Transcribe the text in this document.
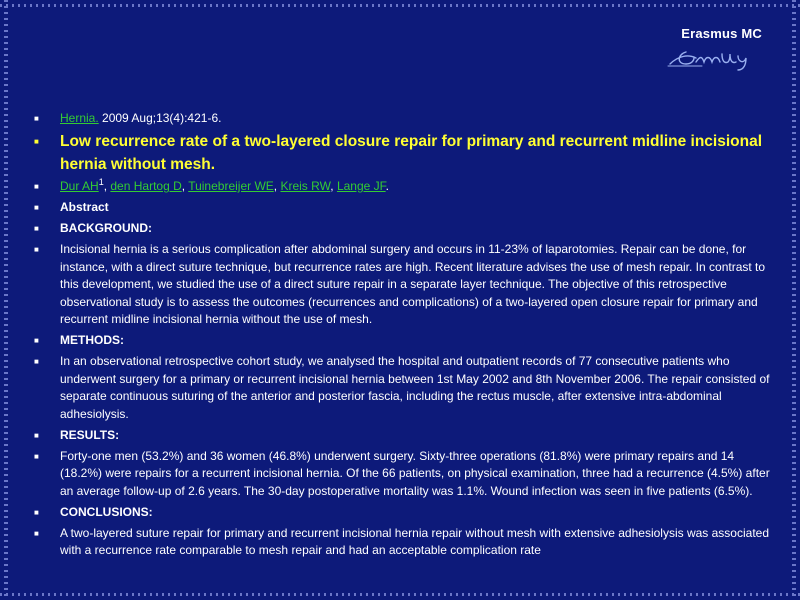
Erasmus MC
■ Hernia. 2009 Aug;13(4):421-6.
■ Low recurrence rate of a two-layered closure repair for primary and recurrent midline incisional hernia without mesh.
■ Dur $AH^1$, den Hartog D, Tuinebreijer WE, Kreis RW, Lange JF.
■ Abstract
■ BACKGROUND:
■ Incisional hernia is a serious complication after abdominal surgery and occurs in 11-23% of laparotomies. Repair can be done, for instance, with a direct suture technique, but recurrence rates are high. Recent literature advises the use of mesh repair. In contrast to this development, we studied the use of a direct suture repair in a separate layer technique. The objective of this retrospective observational study is to assess the outcomes (recurrences and complications) of a two-layered open closure repair for primary and recurrent midline incisional hernia without the use of mesh.
■ METHODS:
■ In an observational retrospective cohort study, we analysed the hospital and outpatient records of 77 consecutive patients who underwent surgery for a primary or recurrent incisional hernia between 1st May 2002 and 8th November 2006. The repair consisted of separate continuous suturing of the anterior and posterior fascia, including the rectus muscle, after extensive intra-abdominal adhesiolysis.
■ RESULTS:
■ Forty-one men (53.2%) and 36 women (46.8%) underwent surgery. Sixty-three operations (81.8%) were primary repairs and 14 (18.2%) were repairs for a recurrent incisional hernia. Of the 66 patients, on physical examination, three had a recurrence (4.5%) after an average follow-up of 2.6 years. The 30-day postoperative mortality was 1.1%. Wound infection was seen in five patients (6.5%).
■ CONCLUSIONS:
■ A two-layered suture repair for primary and recurrent incisional hernia repair without mesh with extensive adhesiolysis was associated with a recurrence rate comparable to mesh repair and had an acceptable complication rate
